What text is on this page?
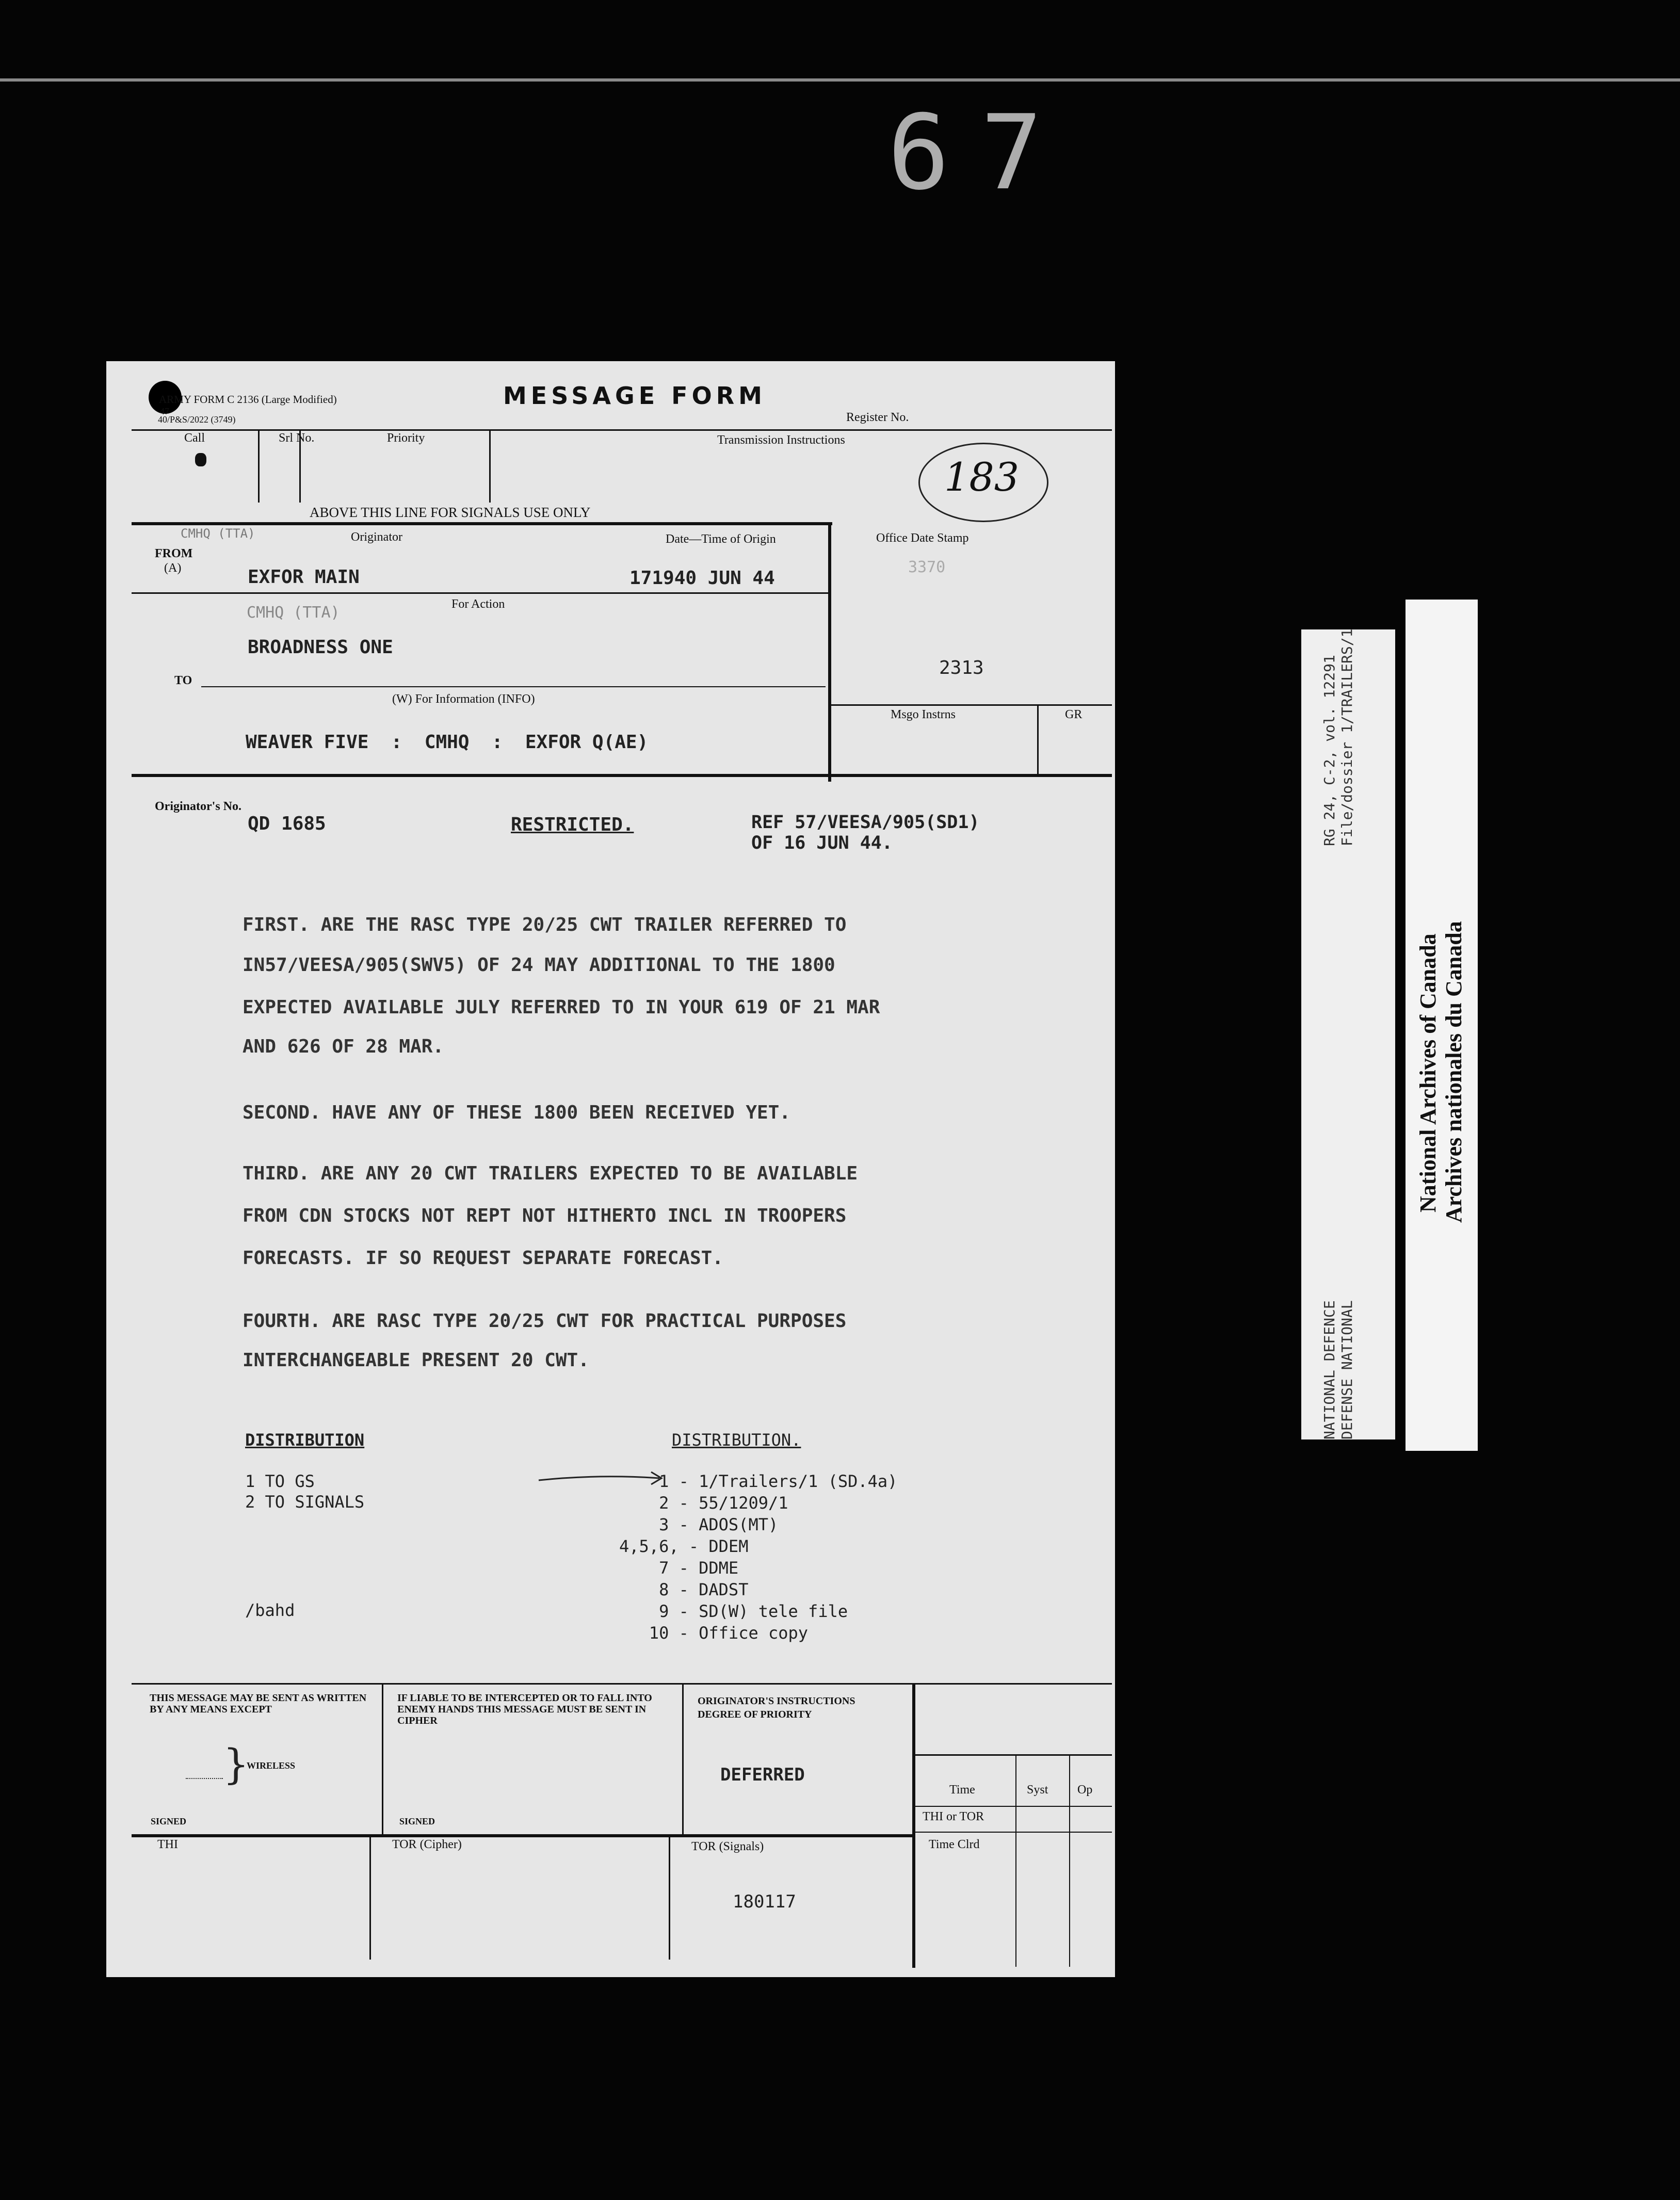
67
ARMY FORM C 2136 (Large Modified)
47
40/P&S/2022 (3749)
MESSAGE FORM
Register No.
Call	Srl No.	Priority	Transmission Instructions
183
ABOVE THIS LINE FOR SIGNALS USE ONLY
CMHQ (TTA)
FROM
(A)
Originator	Date—Time of Origin	Office Date Stamp
EXFOR MAIN	171940 JUN 44
3370
CMHQ (TTA)	For Action
BROADNESS ONE
2313
TO
(W) For Information (INFO)
Msgo Instrns	GR
WEAVER FIVE  :  CMHQ  :  EXFOR Q(AE)
Originator's No.
QD 1685	RESTRICTED.	REF 57/VEESA/905(SD1)
OF 16 JUN 44.
FIRST. ARE THE RASC TYPE 20/25 CWT TRAILER REFERRED TO
IN57/VEESA/905(SWV5) OF 24 MAY ADDITIONAL TO THE 1800
EXPECTED AVAILABLE JULY REFERRED TO IN YOUR 619 OF 21 MAR
AND 626 OF 28 MAR.
SECOND. HAVE ANY OF THESE 1800 BEEN RECEIVED YET.
THIRD. ARE ANY 20 CWT TRAILERS EXPECTED TO BE AVAILABLE
FROM CDN STOCKS NOT REPT NOT HITHERTO INCL IN TROOPERS
FORECASTS. IF SO REQUEST SEPARATE FORECAST.
FOURTH. ARE RASC TYPE 20/25 CWT FOR PRACTICAL PURPOSES
INTERCHANGEABLE PRESENT 20 CWT.
DISTRIBUTION
1 TO GS
2 TO SIGNALS
DISTRIBUTION.
1 - 1/Trailers/1 (SD.4a)
2 - 55/1209/1
3 - ADOS(MT)
4,5,6, - DDEM
7 - DDME
8 - DADST
9 - SD(W) tele file
10 - Office copy
/bahd
THIS MESSAGE MAY BE SENT AS WRITTEN BY ANY MEANS EXCEPT
}
WIRELESS
SIGNED
IF LIABLE TO BE INTERCEPTED OR TO FALL INTO ENEMY HANDS THIS MESSAGE MUST BE SENT IN CIPHER
SIGNED
ORIGINATOR'S INSTRUCTIONS DEGREE OF PRIORITY
DEFERRED
Time	Syst Op
THI or TOR
Time Clrd
THI	TOR (Cipher)	TOR (Signals)
180117
RG 24, C-2, vol. 12291 File/dossier 1/TRAILERS/1
NATIONAL DEFENCE DEFENSE NATIONAL
National Archives of Canada Archives nationales du Canada
